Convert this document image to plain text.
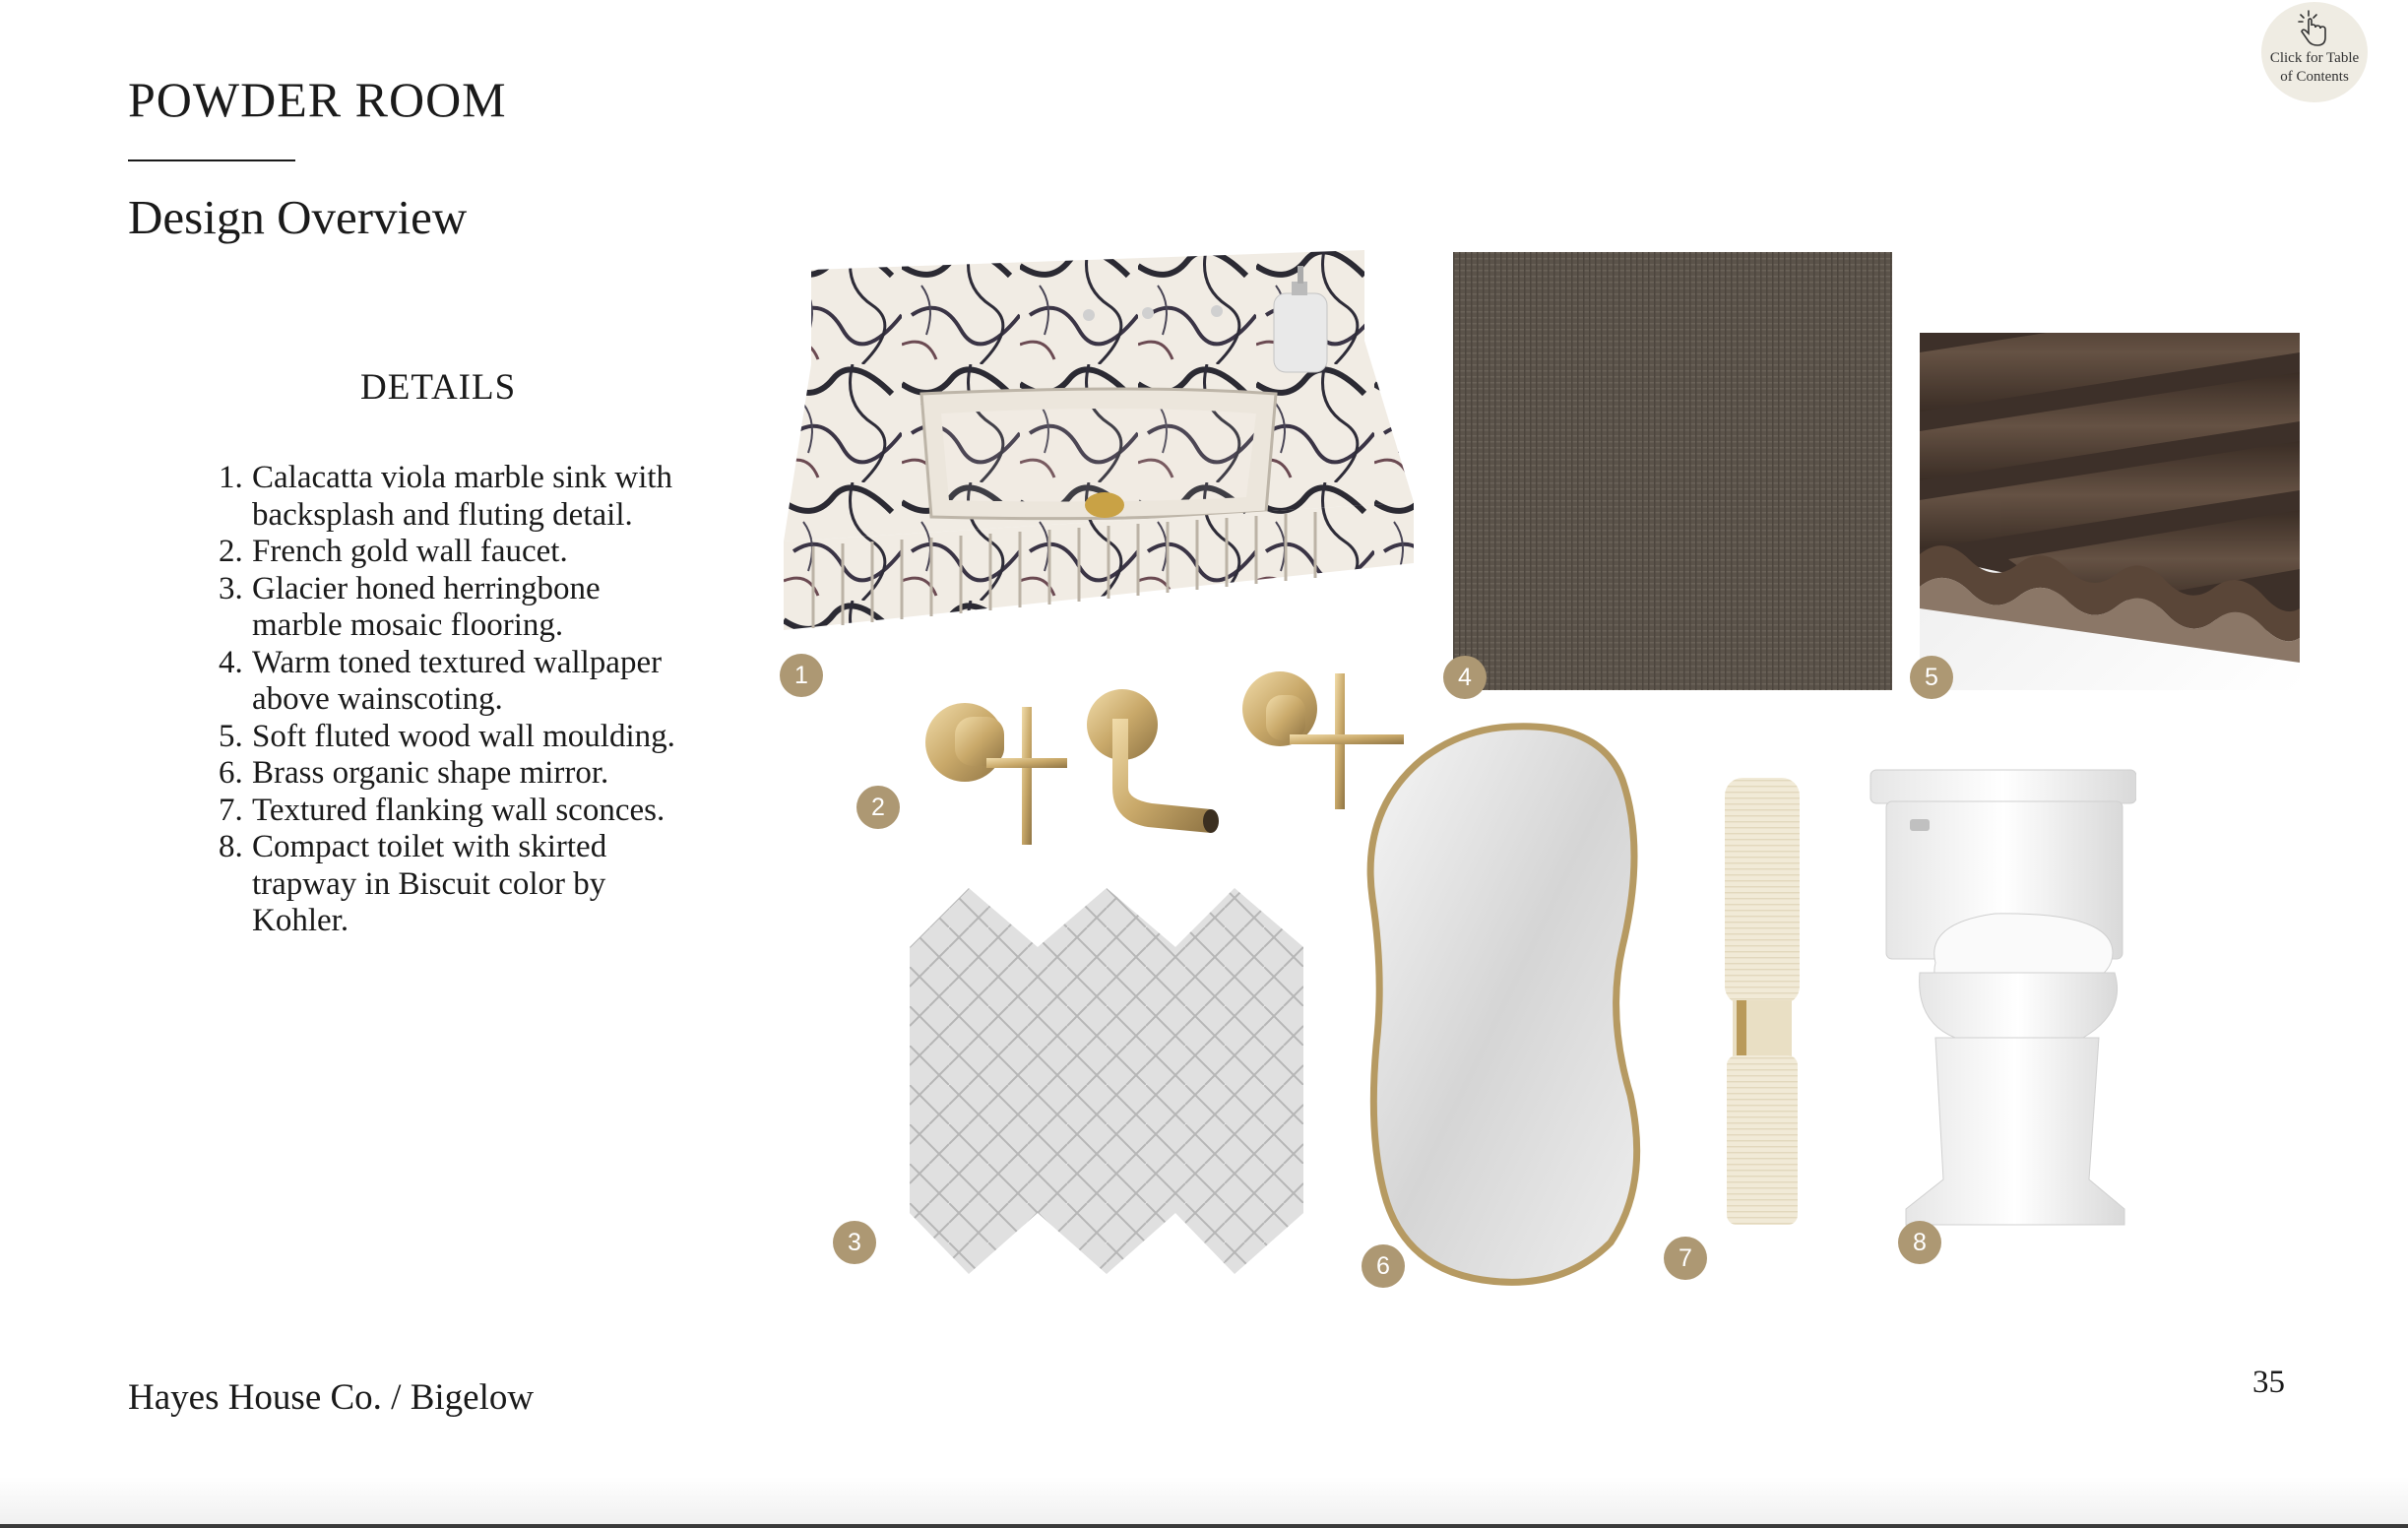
POWDER ROOM
Design Overview
Click for Table
of Contents
DETAILS
1. Calacatta viola marble sink with backsplash and fluting detail.
2. French gold wall faucet.
3. Glacier honed herringbone marble mosaic flooring.
4. Warm toned textured wallpaper above wainscoting.
5. Soft fluted wood wall moulding.
6. Brass organic shape mirror.
7. Textured flanking wall sconces.
8. Compact toilet with skirted trapway in Biscuit color by Kohler.
1	4	5
2
3
6	7
8
Hayes House Co. / Bigelow	35
